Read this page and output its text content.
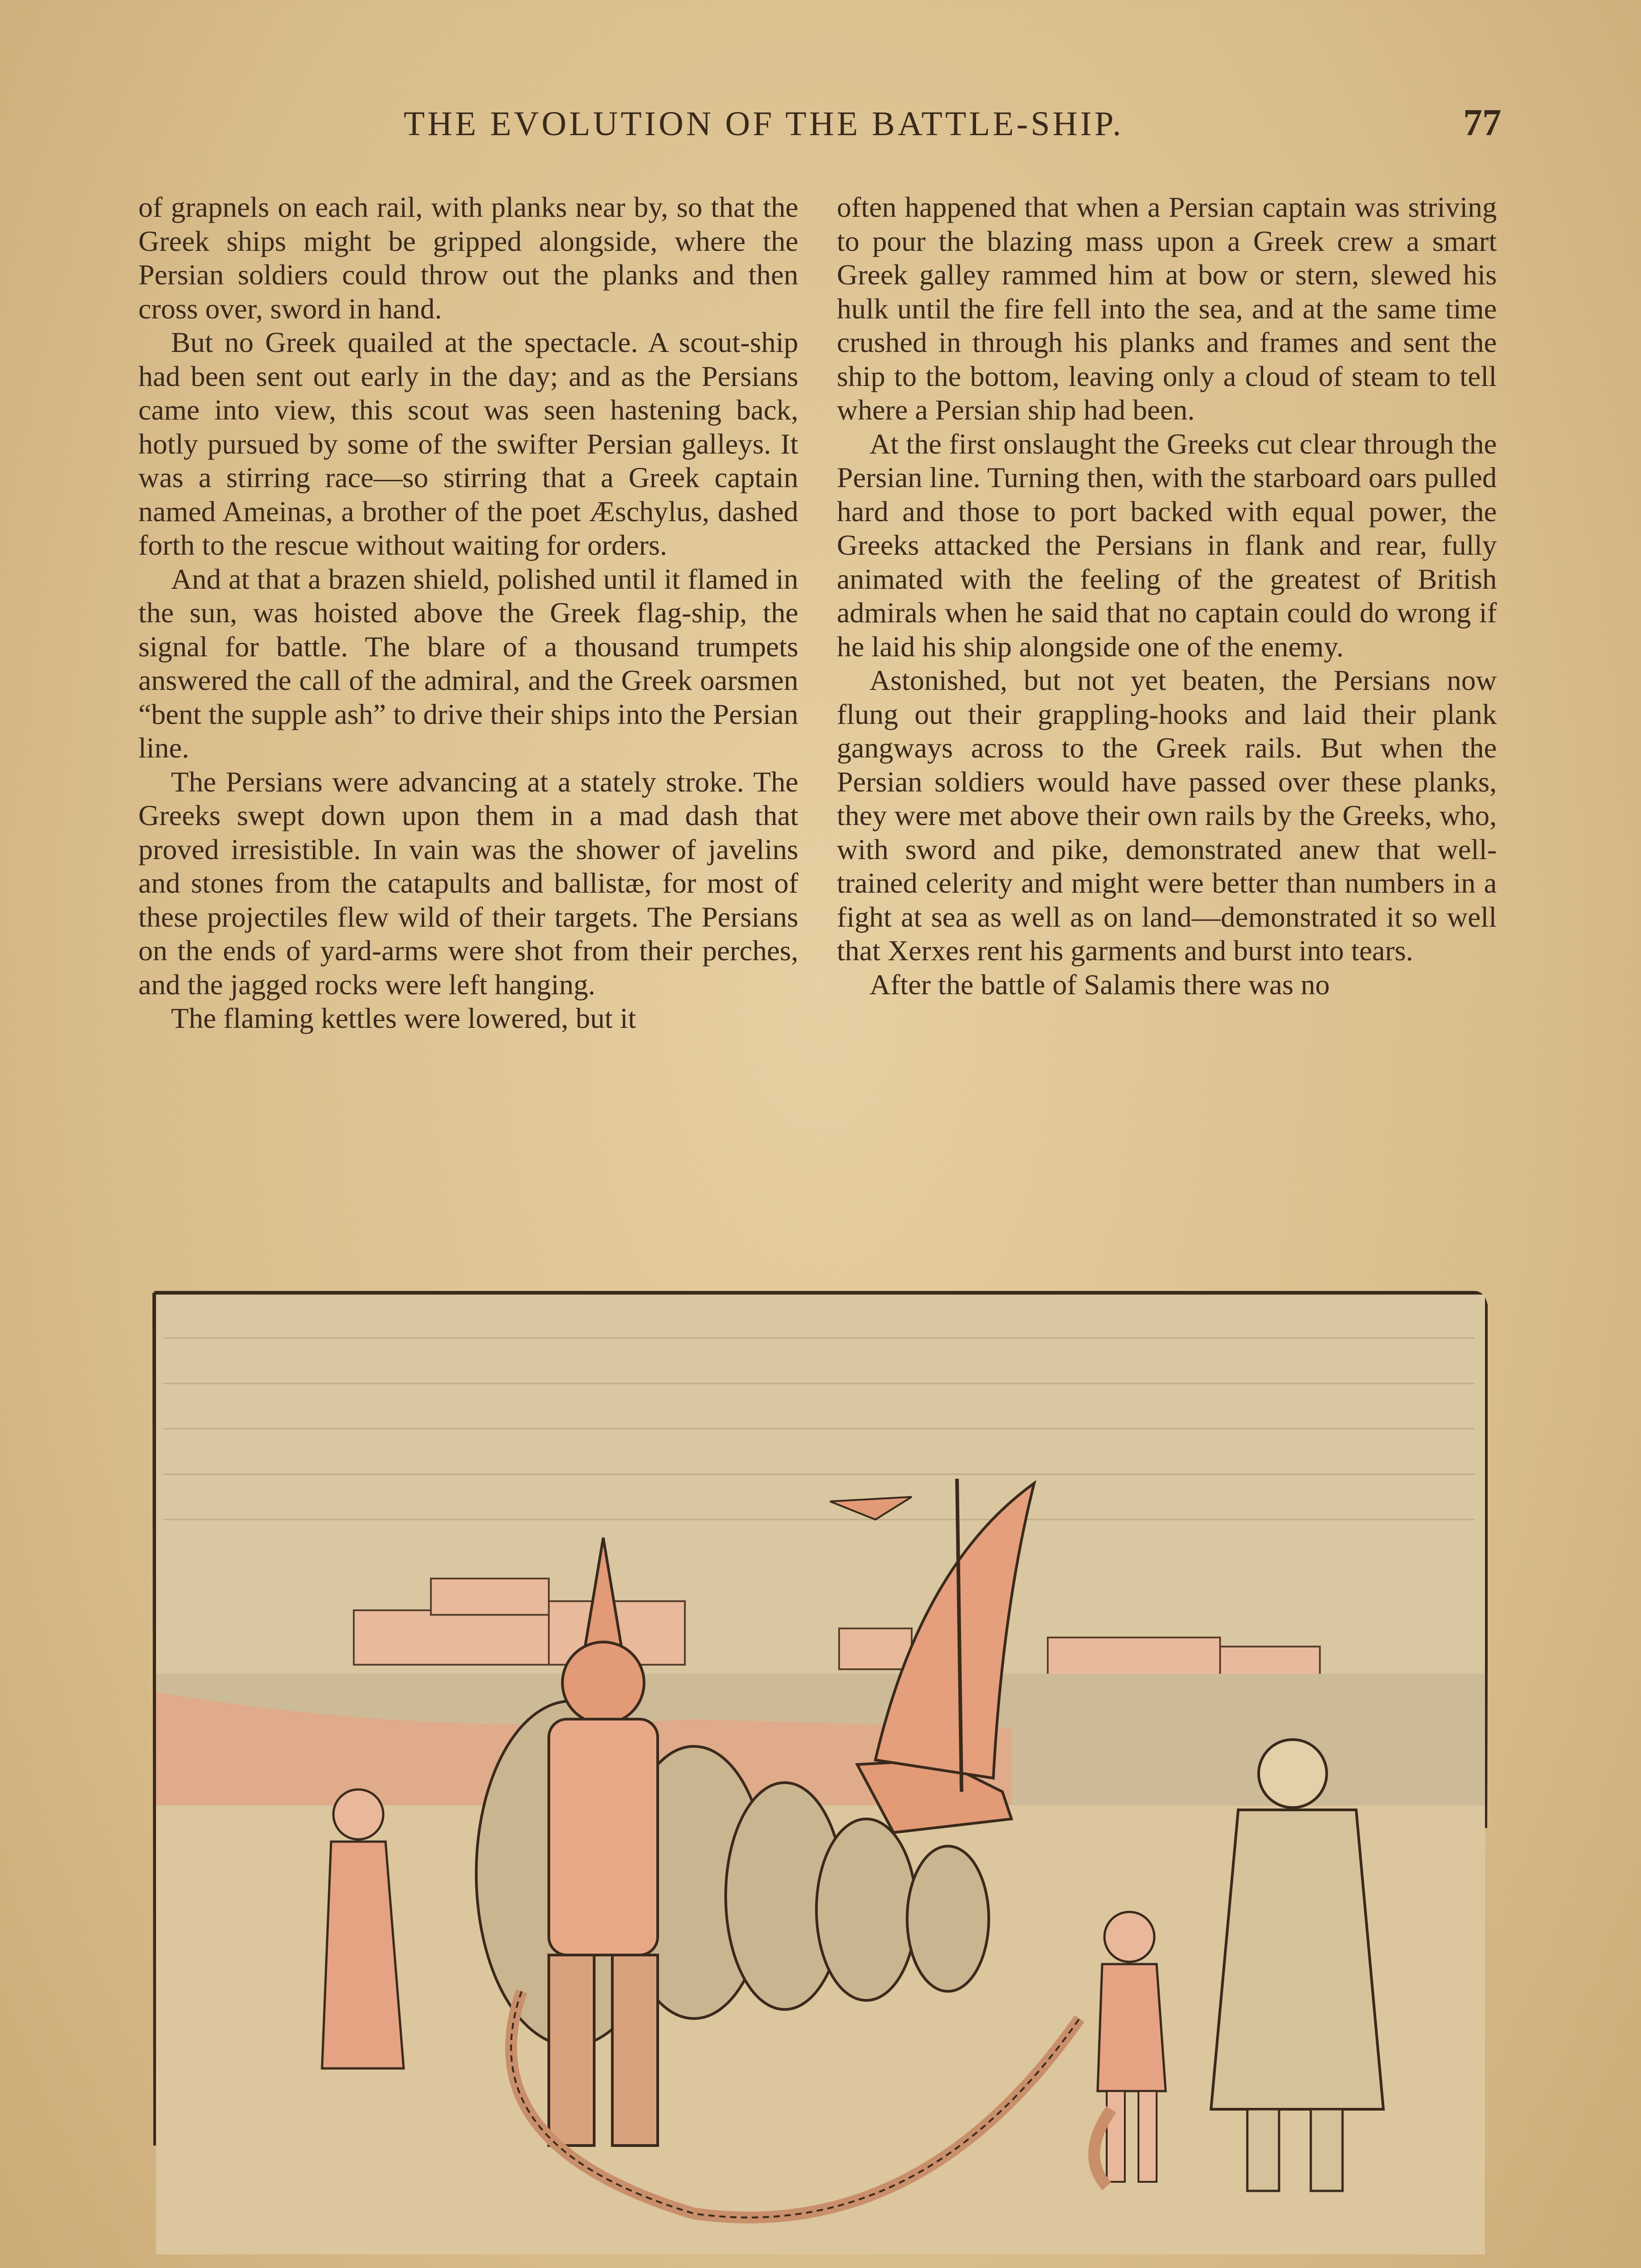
THE EVOLUTION OF THE BATTLE-SHIP.	77

of grapnels on each rail, with planks near by, so that the Greek ships might be gripped alongside, where the Persian soldiers could throw out the planks and then cross over, sword in hand.

But no Greek quailed at the spectacle. A scout-ship had been sent out early in the day; and as the Persians came into view, this scout was seen hastening back, hotly pursued by some of the swifter Persian galleys. It was a stirring race—so stirring that a Greek captain named Ameinas, a brother of the poet Æschylus, dashed forth to the rescue without waiting for orders.

And at that a brazen shield, polished until it flamed in the sun, was hoisted above the Greek flag-ship, the signal for battle. The blare of a thousand trumpets answered the call of the admiral, and the Greek oarsmen “bent the supple ash” to drive their ships into the Persian line.

The Persians were advancing at a stately stroke. The Greeks swept down upon them in a mad dash that proved irresistible. In vain was the shower of javelins and stones from the catapults and ballistæ, for most of these projectiles flew wild of their targets. The Persians on the ends of yard-arms were shot from their perches, and the jagged rocks were left hanging.

The flaming kettles were lowered, but it

often happened that when a Persian captain was striving to pour the blazing mass upon a Greek crew a smart Greek galley rammed him at bow or stern, slewed his hulk until the fire fell into the sea, and at the same time crushed in through his planks and frames and sent the ship to the bottom, leaving only a cloud of steam to tell where a Persian ship had been.

At the first onslaught the Greeks cut clear through the Persian line. Turning then, with the starboard oars pulled hard and those to port backed with equal power, the Greeks attacked the Persians in flank and rear, fully animated with the feeling of the greatest of British admirals when he said that no captain could do wrong if he laid his ship alongside one of the enemy.

Astonished, but not yet beaten, the Persians now flung out their grappling-hooks and laid their plank gangways across to the Greek rails. But when the Persian soldiers would have passed over these planks, they were met above their own rails by the Greeks, who, with sword and pike, demonstrated anew that well-trained celerity and might were better than numbers in a fight at sea as well as on land—demonstrated it so well that Xerxes rent his garments and burst into tears.

After the battle of Salamis there was no
